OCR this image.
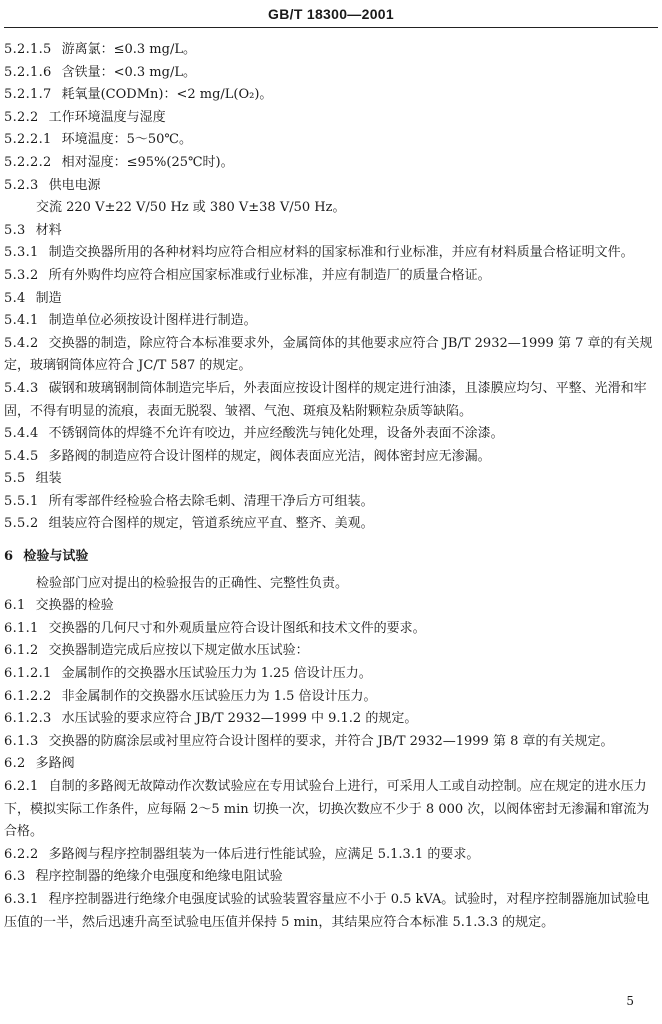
GB/T 18300—2001

5.2.1.5 游离氯：≤0.3 mg/L。

5.2.1.6 含铁量：<0.3 mg/L。

5.2.1.7 耗氧量(CODMn)：<2 mg/L(O₂)。

5.2.2 工作环境温度与湿度

5.2.2.1 环境温度：5～50℃。

5.2.2.2 相对湿度：≤95%(25℃时)。

5.2.3 供电电源

交流 220 V±22 V/50 Hz 或 380 V±38 V/50 Hz。

5.3 材料

5.3.1 制造交换器所用的各种材料均应符合相应材料的国家标准和行业标准，并应有材料质量合格证明文件。

5.3.2 所有外购件均应符合相应国家标准或行业标准，并应有制造厂的质量合格证。

5.4 制造

5.4.1 制造单位必须按设计图样进行制造。

5.4.2 交换器的制造，除应符合本标准要求外，金属筒体的其他要求应符合 JB/T 2932—1999 第 7 章的有关规定，玻璃钢筒体应符合 JC/T 587 的规定。

5.4.3 碳钢和玻璃钢制筒体制造完毕后，外表面应按设计图样的规定进行油漆，且漆膜应均匀、平整、光滑和牢固，不得有明显的流痕，表面无脱裂、皱褶、气泡、斑痕及粘附颗粒杂质等缺陷。

5.4.4 不锈钢筒体的焊缝不允许有咬边，并应经酸洗与钝化处理，设备外表面不涂漆。

5.4.5 多路阀的制造应符合设计图样的规定，阀体表面应光洁，阀体密封应无渗漏。

5.5 组装

5.5.1 所有零部件经检验合格去除毛刺、清理干净后方可组装。

5.5.2 组装应符合图样的规定，管道系统应平直、整齐、美观。

6 检验与试验

检验部门应对提出的检验报告的正确性、完整性负责。

6.1 交换器的检验

6.1.1 交换器的几何尺寸和外观质量应符合设计图纸和技术文件的要求。

6.1.2 交换器制造完成后应按以下规定做水压试验：

6.1.2.1 金属制作的交换器水压试验压力为 1.25 倍设计压力。

6.1.2.2 非金属制作的交换器水压试验压力为 1.5 倍设计压力。

6.1.2.3 水压试验的要求应符合 JB/T 2932—1999 中 9.1.2 的规定。

6.1.3 交换器的防腐涂层或衬里应符合设计图样的要求，并符合 JB/T 2932—1999 第 8 章的有关规定。

6.2 多路阀

6.2.1 自制的多路阀无故障动作次数试验应在专用试验台上进行，可采用人工或自动控制。应在规定的进水压力下，模拟实际工作条件，应每隔 2～5 min 切换一次，切换次数应不少于 8 000 次，以阀体密封无渗漏和窜流为合格。

6.2.2 多路阀与程序控制器组装为一体后进行性能试验，应满足 5.1.3.1 的要求。

6.3 程序控制器的绝缘介电强度和绝缘电阻试验

6.3.1 程序控制器进行绝缘介电强度试验的试验装置容量应不小于 0.5 kVA。试验时，对程序控制器施加试验电压值的一半，然后迅速升高至试验电压值并保持 5 min，其结果应符合本标准 5.1.3.3 的规定。

5
